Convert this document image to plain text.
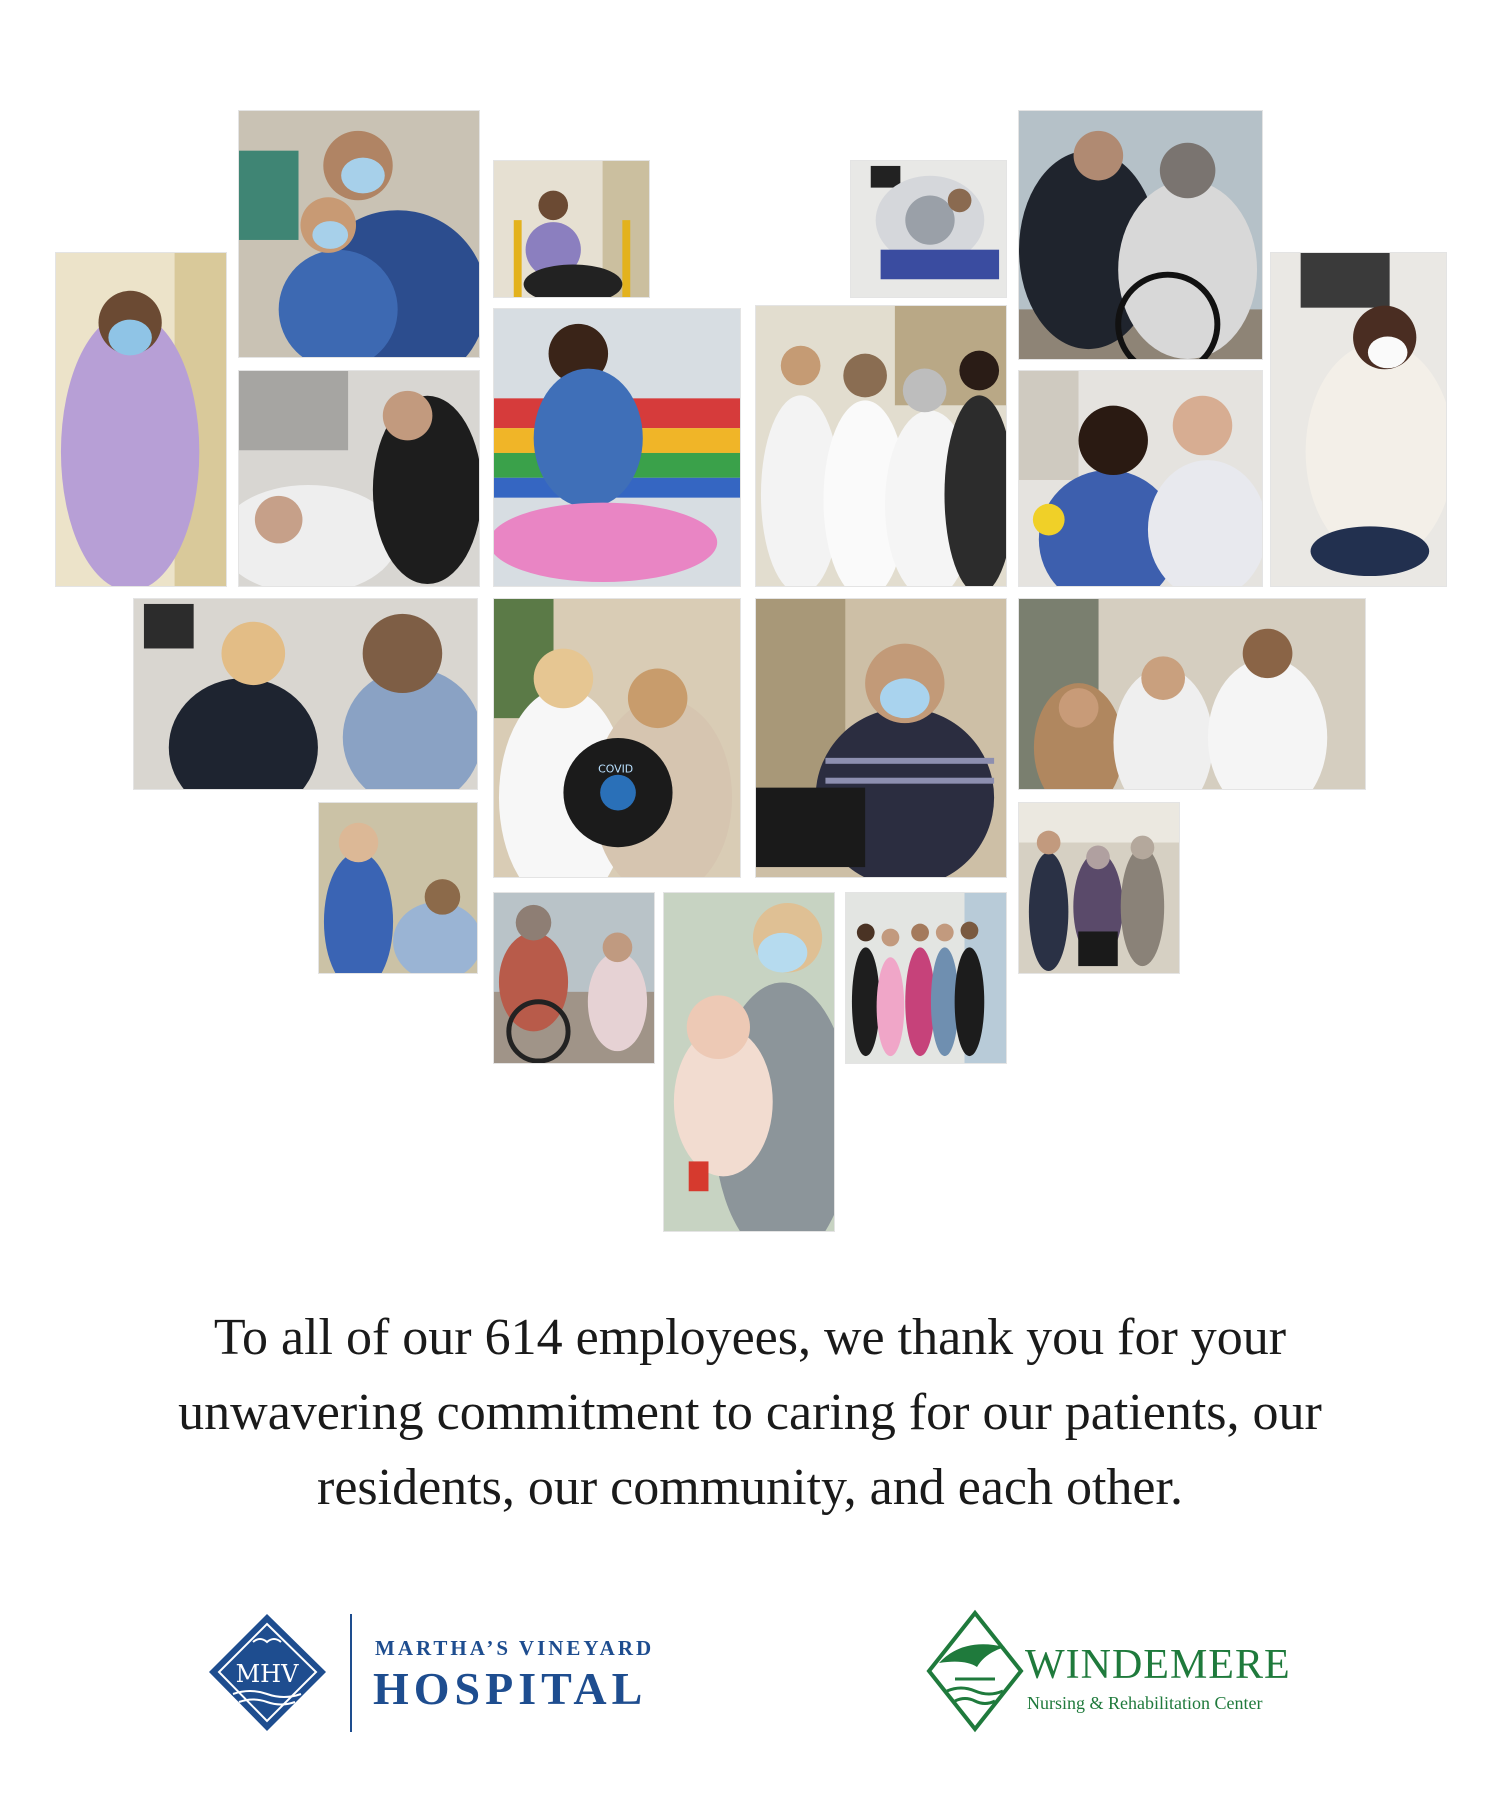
COVID
To all of our 614 employees, we thank you for your
unwavering commitment to caring for our patients, our
residents, our community, and each other.
MHV
MARTHA’S VINEYARD
HOSPITAL	WINDEMERE
Nursing & Rehabilitation Center
